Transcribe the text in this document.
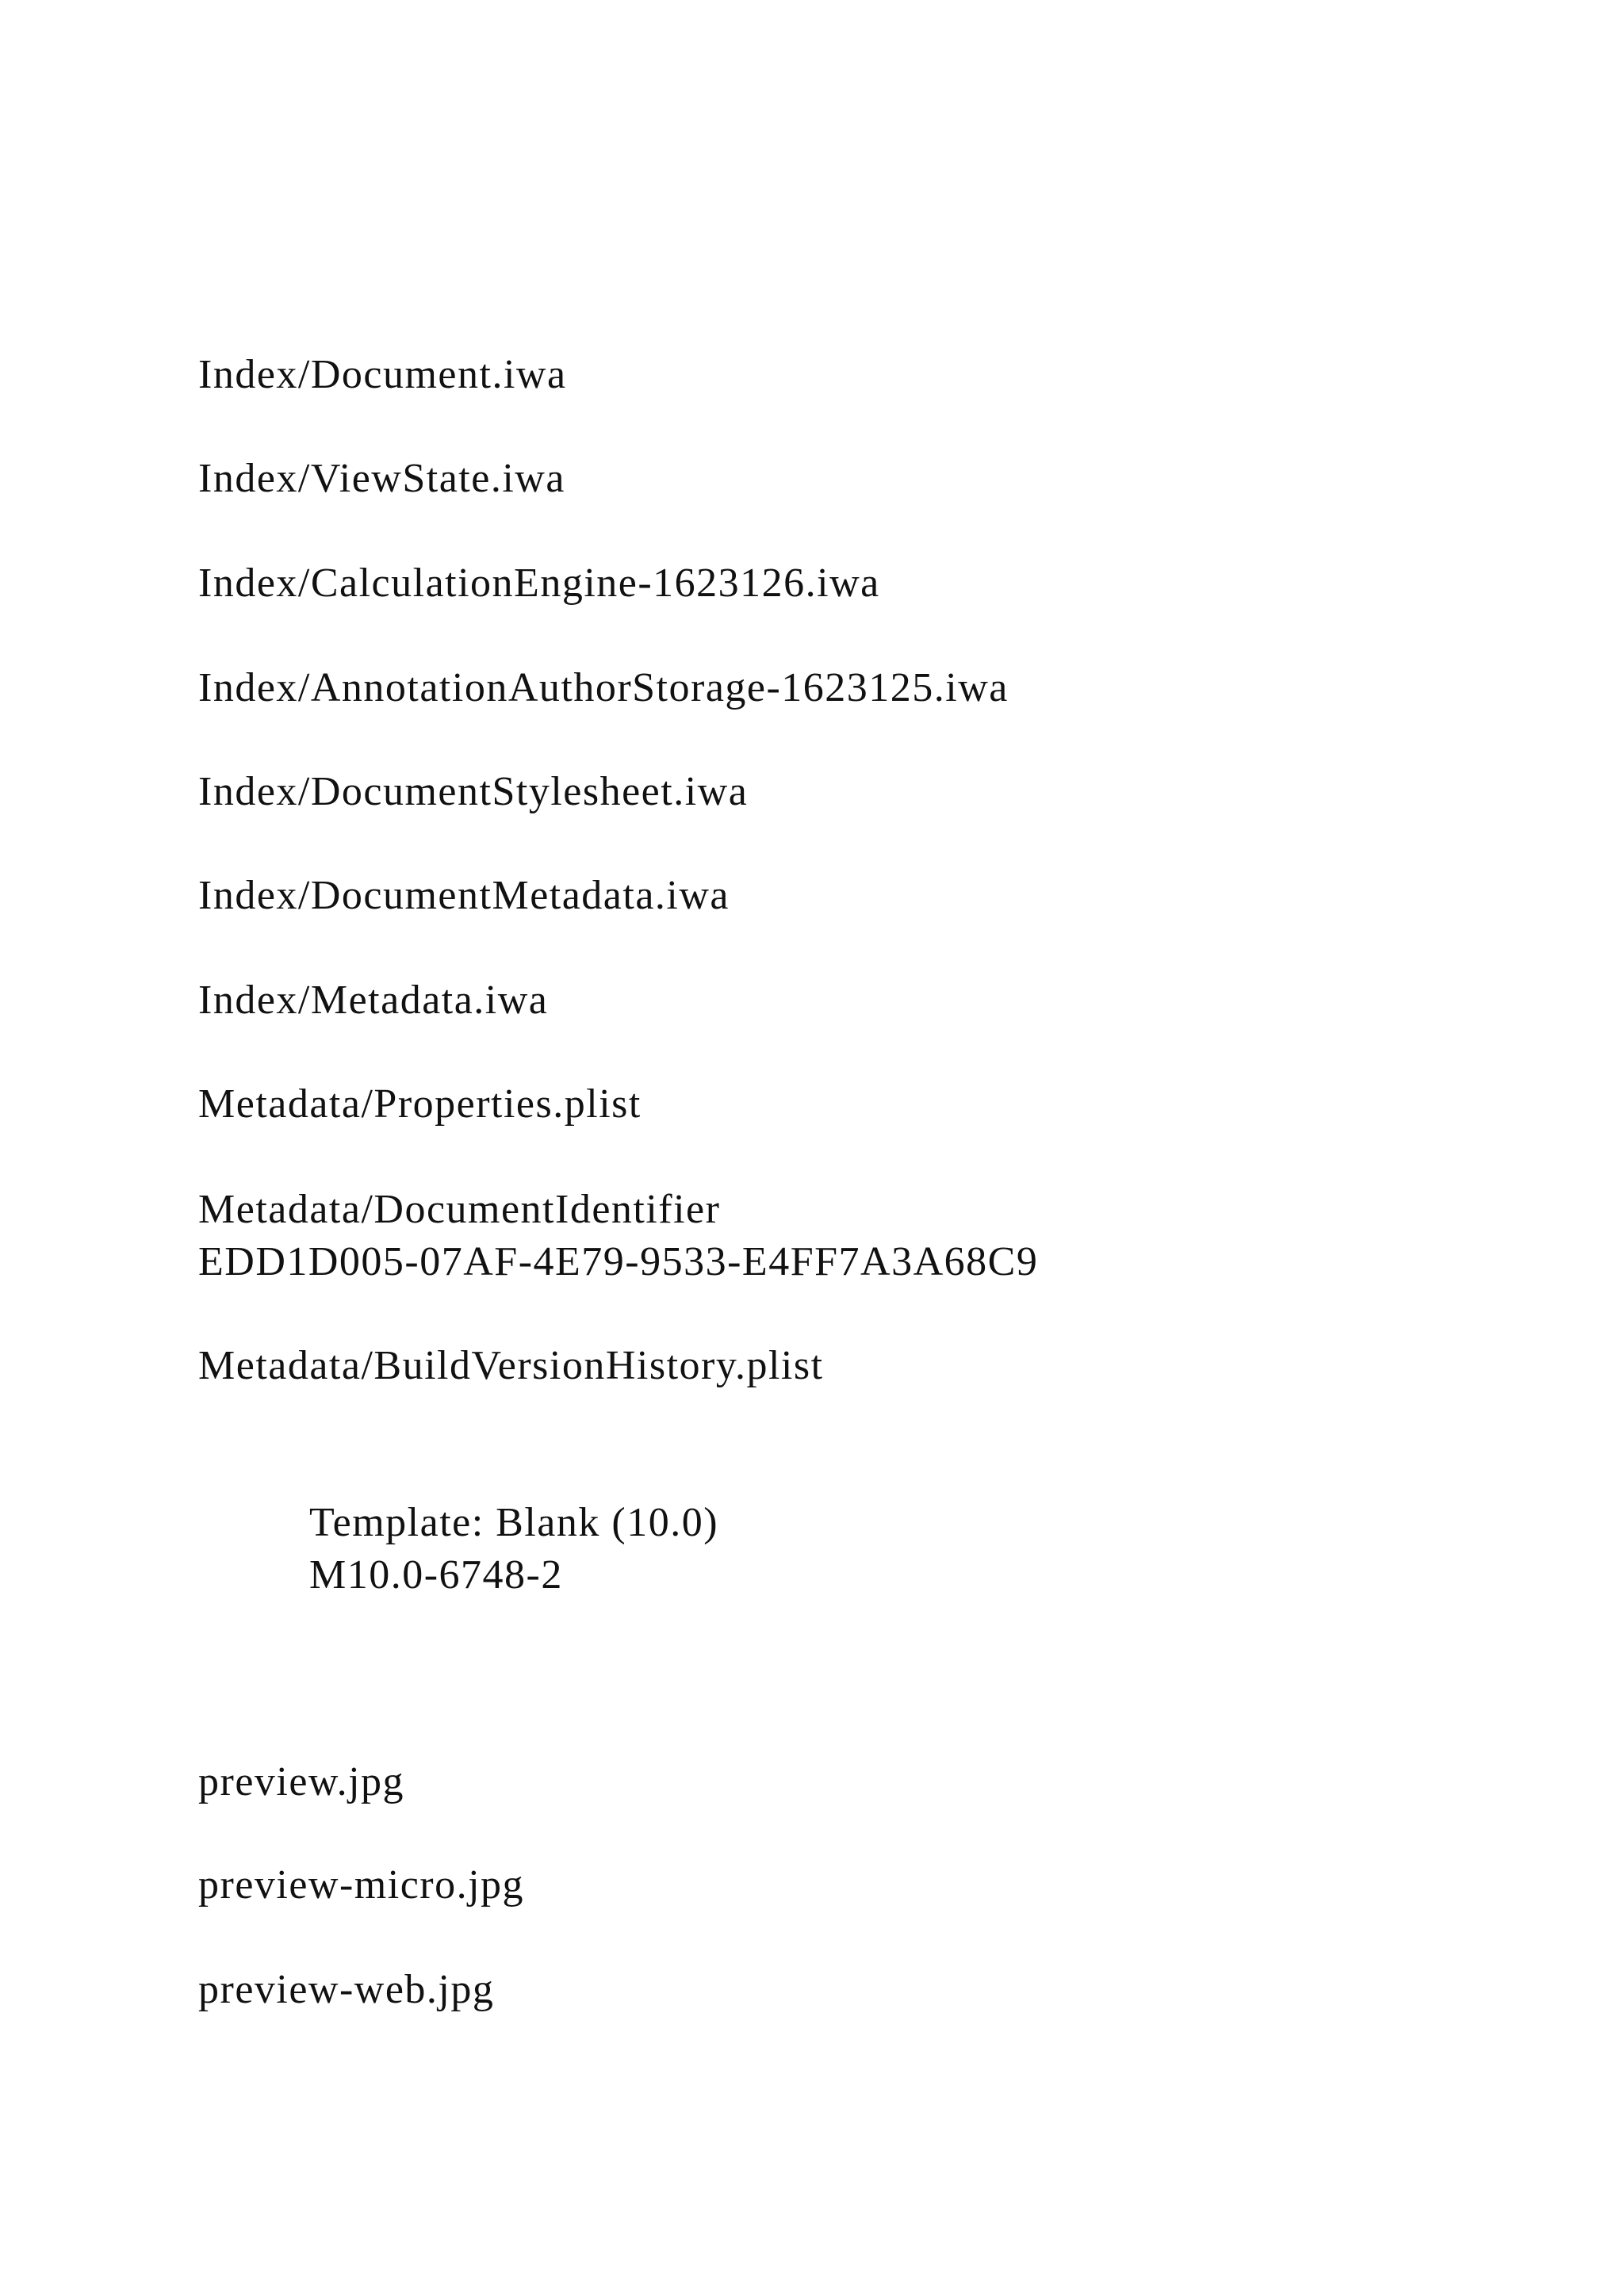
Index/Document.iwa
Index/ViewState.iwa
Index/CalculationEngine-1623126.iwa
Index/AnnotationAuthorStorage-1623125.iwa
Index/DocumentStylesheet.iwa
Index/DocumentMetadata.iwa
Index/Metadata.iwa
Metadata/Properties.plist
Metadata/DocumentIdentifier
EDD1D005-07AF-4E79-9533-E4FF7A3A68C9
Metadata/BuildVersionHistory.plist
Template: Blank (10.0)
M10.0-6748-2
preview.jpg
preview-micro.jpg
preview-web.jpg
